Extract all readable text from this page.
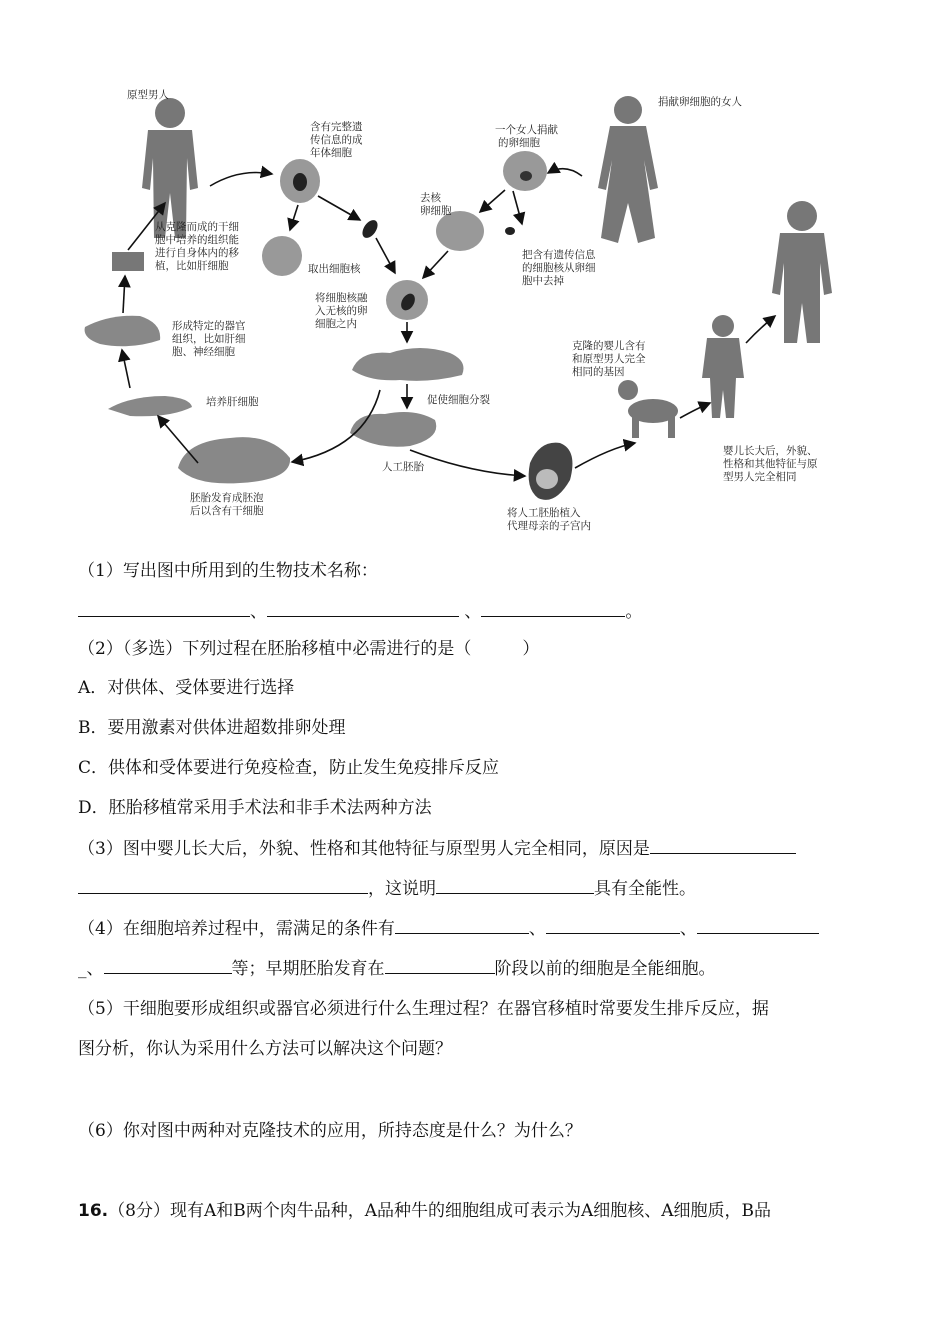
原型男人
捐献卵细胞的女人
含有完整遗
传信息的成
年体细胞
一个女人捐献
的卵细胞
去核
卵细胞
把含有遗传信息
的细胞核从卵细
胞中去掉
取出细胞核
将细胞核融
入无核的卵
细胞之内
从克隆而成的干细
胞中培养的组织能
进行自身体内的移
植，比如肝细胞
形成特定的器官
组织，比如肝细
胞、神经细胞
培养肝细胞	促使细胞分裂
人工胚胎
胚胎发育成胚泡
后以含有干细胞	将人工胚胎植入
代理母亲的子宫内
克隆的婴儿含有
和原型男人完全
相同的基因
婴儿长大后，外貌、
性格和其他特征与原
型男人完全相同
（1）写出图中所用到的生物技术名称：
、	、	。
（2）（多选）下列过程在胚胎移植中必需进行的是（　　　）
A．对供体、受体要进行选择
B．要用激素对供体进超数排卵处理
C．供体和受体要进行免疫检查，防止发生免疫排斥反应
D．胚胎移植常采用手术法和非手术法两种方法
（3）图中婴儿长大后，外貌、性格和其他特征与原型男人完全相同，原因是
，这说明	具有全能性。
（4）在细胞培养过程中，需满足的条件有	、	、
_、	等；早期胚胎发育在	阶段以前的细胞是全能细胞。
（5）干细胞要形成组织或器官必须进行什么生理过程？在器官移植时常要发生排斥反应，据
图分析，你认为采用什么方法可以解决这个问题？
（6）你对图中两种对克隆技术的应用，所持态度是什么？为什么？
16.（8分）现有A和B两个肉牛品种，A品种牛的细胞组成可表示为A细胞核、A细胞质，B品
